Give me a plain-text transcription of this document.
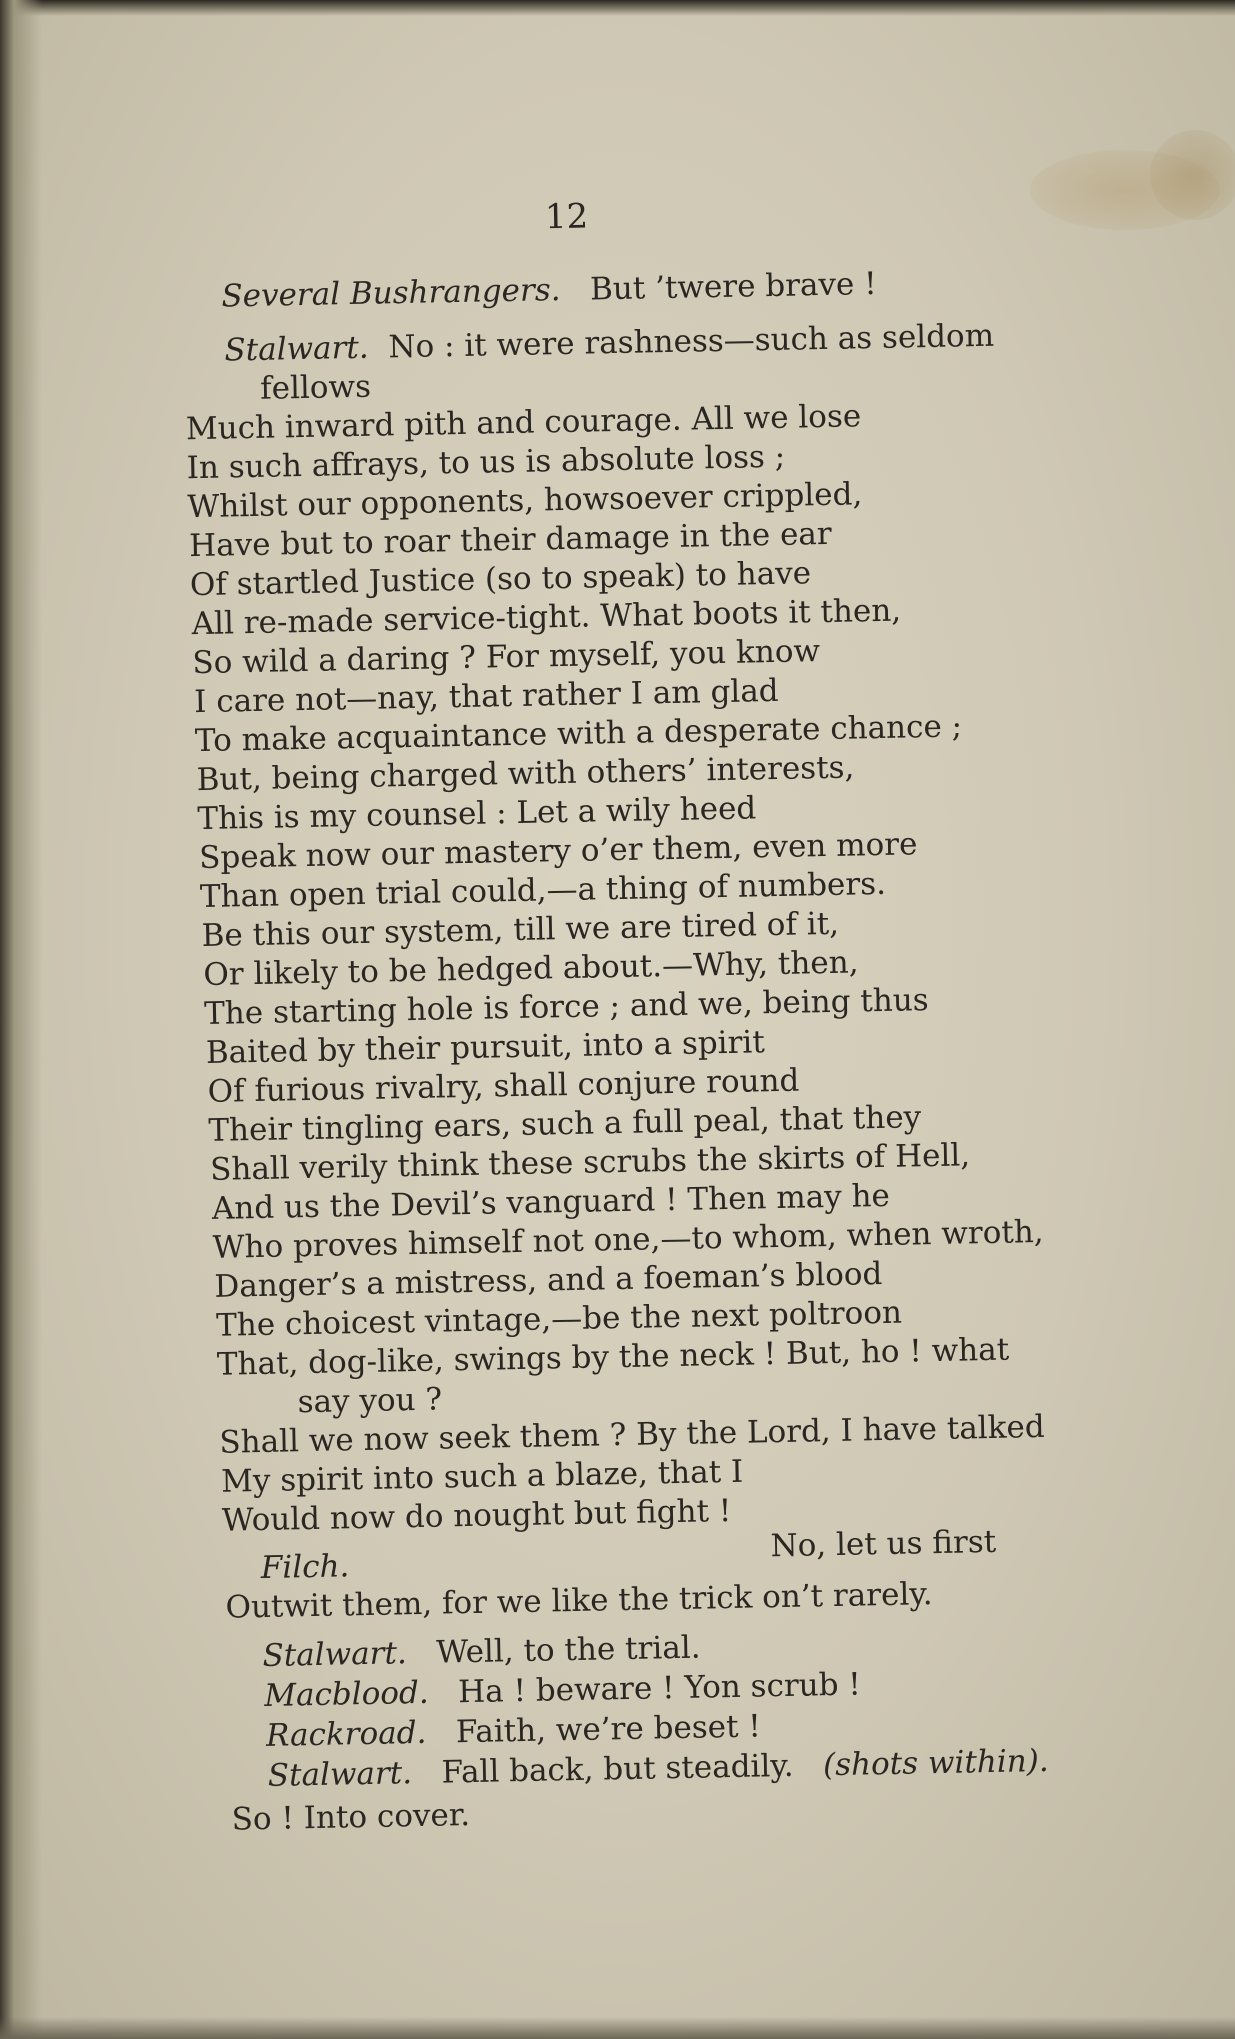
12
Several Bushrangers. But ’twere brave !
Stalwart. No : it were rashness—such as seldom
fellows
Much inward pith and courage. All we lose
In such affrays, to us is absolute loss ;
Whilst our opponents, howsoever crippled,
Have but to roar their damage in the ear
Of startled Justice (so to speak) to have
All re-made service-tight. What boots it then,
So wild a daring ? For myself, you know
I care not—nay, that rather I am glad
To make acquaintance with a desperate chance ;
But, being charged with others’ interests,
This is my counsel : Let a wily heed
Speak now our mastery o’er them, even more
Than open trial could,—a thing of numbers.
Be this our system, till we are tired of it,
Or likely to be hedged about.—Why, then,
The starting hole is force ; and we, being thus
Baited by their pursuit, into a spirit
Of furious rivalry, shall conjure round
Their tingling ears, such a full peal, that they
Shall verily think these scrubs the skirts of Hell,
And us the Devil’s vanguard ! Then may he
Who proves himself not one,—to whom, when wroth,
Danger’s a mistress, and a foeman’s blood
The choicest vintage,—be the next poltroon
That, dog-like, swings by the neck ! But, ho ! what
say you ?
Shall we now seek them ? By the Lord, I have talked
My spirit into such a blaze, that I
Would now do nought but fight !
Filch.
No, let us first
Outwit them, for we like the trick on’t rarely.
Stalwart. Well, to the trial.
Macblood. Ha ! beware ! Yon scrub !
Rackroad. Faith, we’re beset !
Stalwart. Fall back, but steadily. (shots within).
So ! Into cover.
